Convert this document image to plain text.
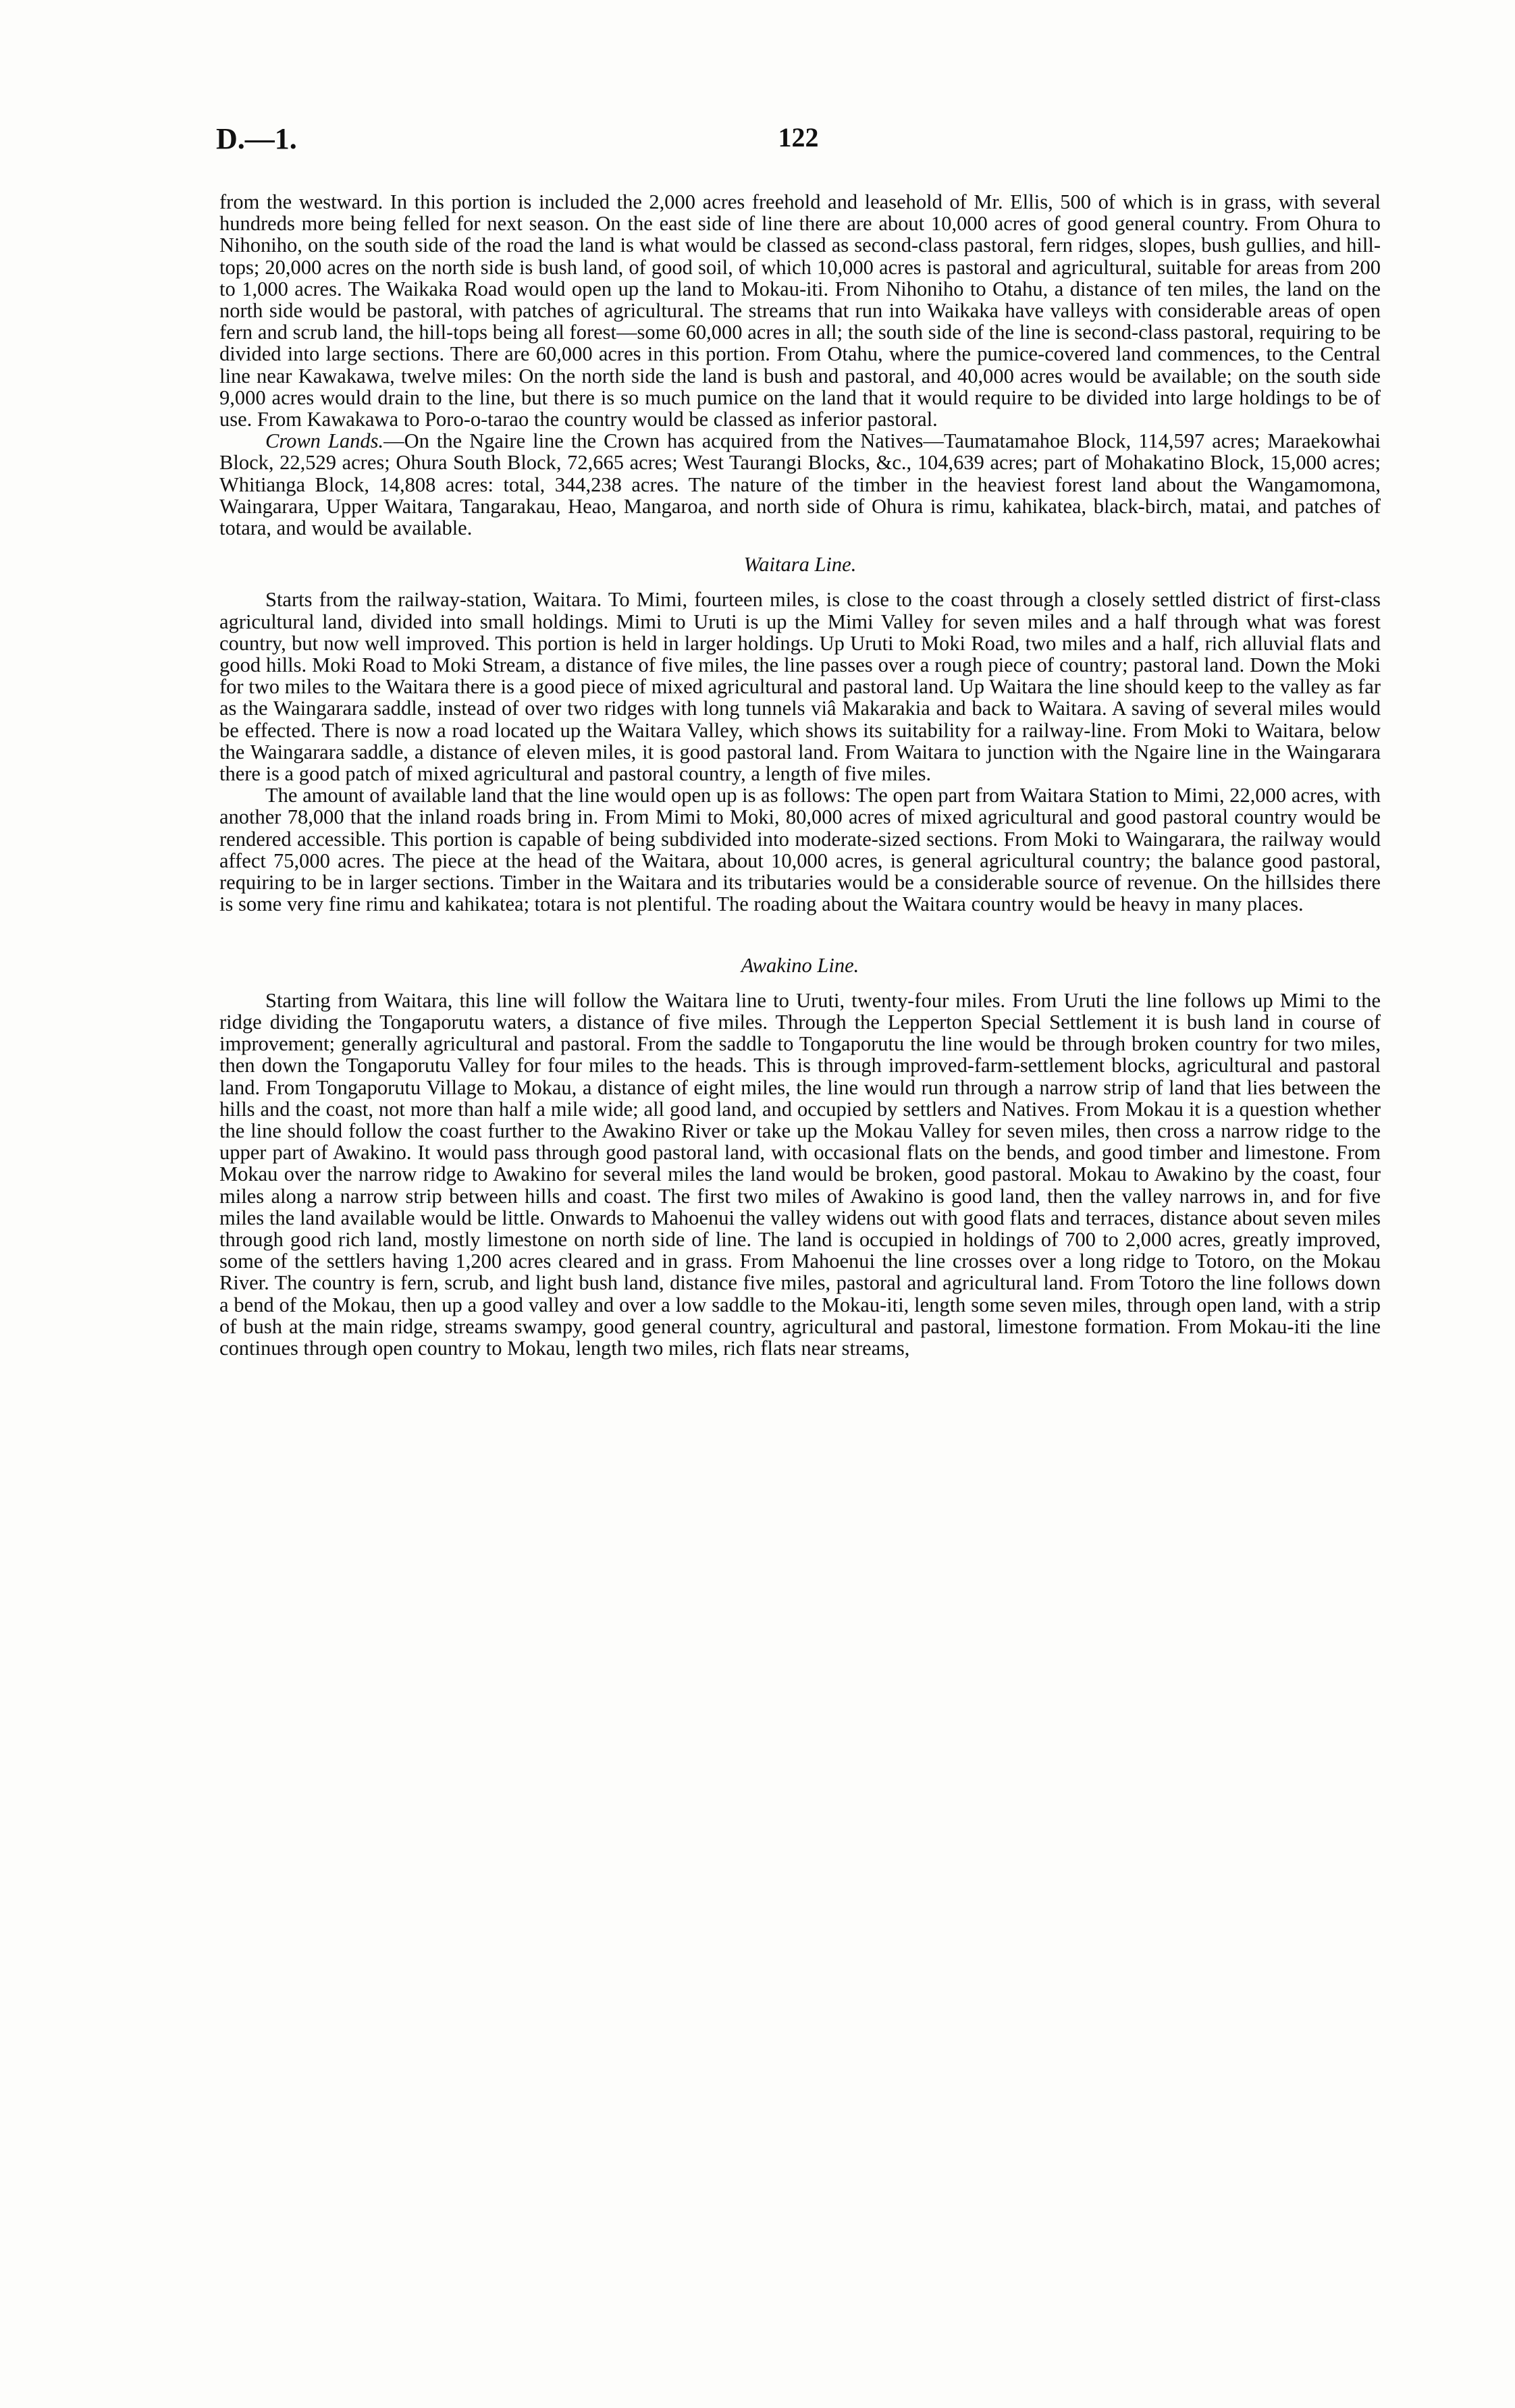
D.—1.	122

from the westward. In this portion is included the 2,000 acres freehold and leasehold of Mr. Ellis, 500 of which is in grass, with several hundreds more being felled for next season. On the east side of line there are about 10,000 acres of good general country. From Ohura to Nihoniho, on the south side of the road the land is what would be classed as second-class pastoral, fern ridges, slopes, bush gullies, and hill-tops; 20,000 acres on the north side is bush land, of good soil, of which 10,000 acres is pastoral and agricultural, suitable for areas from 200 to 1,000 acres. The Waikaka Road would open up the land to Mokau-iti. From Nihoniho to Otahu, a distance of ten miles, the land on the north side would be pastoral, with patches of agricultural. The streams that run into Waikaka have valleys with considerable areas of open fern and scrub land, the hill-tops being all forest—some 60,000 acres in all; the south side of the line is second-class pastoral, requiring to be divided into large sections. There are 60,000 acres in this portion. From Otahu, where the pumice-covered land commences, to the Central line near Kawakawa, twelve miles: On the north side the land is bush and pastoral, and 40,000 acres would be available; on the south side 9,000 acres would drain to the line, but there is so much pumice on the land that it would require to be divided into large holdings to be of use. From Kawakawa to Poro-o-tarao the country would be classed as inferior pastoral.

Crown Lands.—On the Ngaire line the Crown has acquired from the Natives—Taumatamahoe Block, 114,597 acres; Maraekowhai Block, 22,529 acres; Ohura South Block, 72,665 acres; West Taurangi Blocks, &c., 104,639 acres; part of Mohakatino Block, 15,000 acres; Whitianga Block, 14,808 acres: total, 344,238 acres. The nature of the timber in the heaviest forest land about the Wangamomona, Waingarara, Upper Waitara, Tangarakau, Heao, Mangaroa, and north side of Ohura is rimu, kahikatea, black-birch, matai, and patches of totara, and would be available.

Waitara Line.

Starts from the railway-station, Waitara. To Mimi, fourteen miles, is close to the coast through a closely settled district of first-class agricultural land, divided into small holdings. Mimi to Uruti is up the Mimi Valley for seven miles and a half through what was forest country, but now well improved. This portion is held in larger holdings. Up Uruti to Moki Road, two miles and a half, rich alluvial flats and good hills. Moki Road to Moki Stream, a distance of five miles, the line passes over a rough piece of country; pastoral land. Down the Moki for two miles to the Waitara there is a good piece of mixed agricultural and pastoral land. Up Waitara the line should keep to the valley as far as the Waingarara saddle, instead of over two ridges with long tunnels viâ Makarakia and back to Waitara. A saving of several miles would be effected. There is now a road located up the Waitara Valley, which shows its suitability for a railway-line. From Moki to Waitara, below the Waingarara saddle, a distance of eleven miles, it is good pastoral land. From Waitara to junction with the Ngaire line in the Waingarara there is a good patch of mixed agricultural and pastoral country, a length of five miles.

The amount of available land that the line would open up is as follows: The open part from Waitara Station to Mimi, 22,000 acres, with another 78,000 that the inland roads bring in. From Mimi to Moki, 80,000 acres of mixed agricultural and good pastoral country would be rendered accessible. This portion is capable of being subdivided into moderate-sized sections. From Moki to Waingarara, the railway would affect 75,000 acres. The piece at the head of the Waitara, about 10,000 acres, is general agricultural country; the balance good pastoral, requiring to be in larger sections. Timber in the Waitara and its tributaries would be a considerable source of revenue. On the hillsides there is some very fine rimu and kahikatea; totara is not plentiful. The roading about the Waitara country would be heavy in many places.

Awakino Line.

Starting from Waitara, this line will follow the Waitara line to Uruti, twenty-four miles. From Uruti the line follows up Mimi to the ridge dividing the Tongaporutu waters, a distance of five miles. Through the Lepperton Special Settlement it is bush land in course of improvement; generally agricultural and pastoral. From the saddle to Tongaporutu the line would be through broken country for two miles, then down the Tongaporutu Valley for four miles to the heads. This is through improved-farm-settlement blocks, agricultural and pastoral land. From Tongaporutu Village to Mokau, a distance of eight miles, the line would run through a narrow strip of land that lies between the hills and the coast, not more than half a mile wide; all good land, and occupied by settlers and Natives. From Mokau it is a question whether the line should follow the coast further to the Awakino River or take up the Mokau Valley for seven miles, then cross a narrow ridge to the upper part of Awakino. It would pass through good pastoral land, with occasional flats on the bends, and good timber and limestone. From Mokau over the narrow ridge to Awakino for several miles the land would be broken, good pastoral. Mokau to Awakino by the coast, four miles along a narrow strip between hills and coast. The first two miles of Awakino is good land, then the valley narrows in, and for five miles the land available would be little. Onwards to Mahoenui the valley widens out with good flats and terraces, distance about seven miles through good rich land, mostly limestone on north side of line. The land is occupied in holdings of 700 to 2,000 acres, greatly improved, some of the settlers having 1,200 acres cleared and in grass. From Mahoenui the line crosses over a long ridge to Totoro, on the Mokau River. The country is fern, scrub, and light bush land, distance five miles, pastoral and agricultural land. From Totoro the line follows down a bend of the Mokau, then up a good valley and over a low saddle to the Mokau-iti, length some seven miles, through open land, with a strip of bush at the main ridge, streams swampy, good general country, agricultural and pastoral, limestone formation. From Mokau-iti the line continues through open country to Mokau, length two miles, rich flats near streams,
